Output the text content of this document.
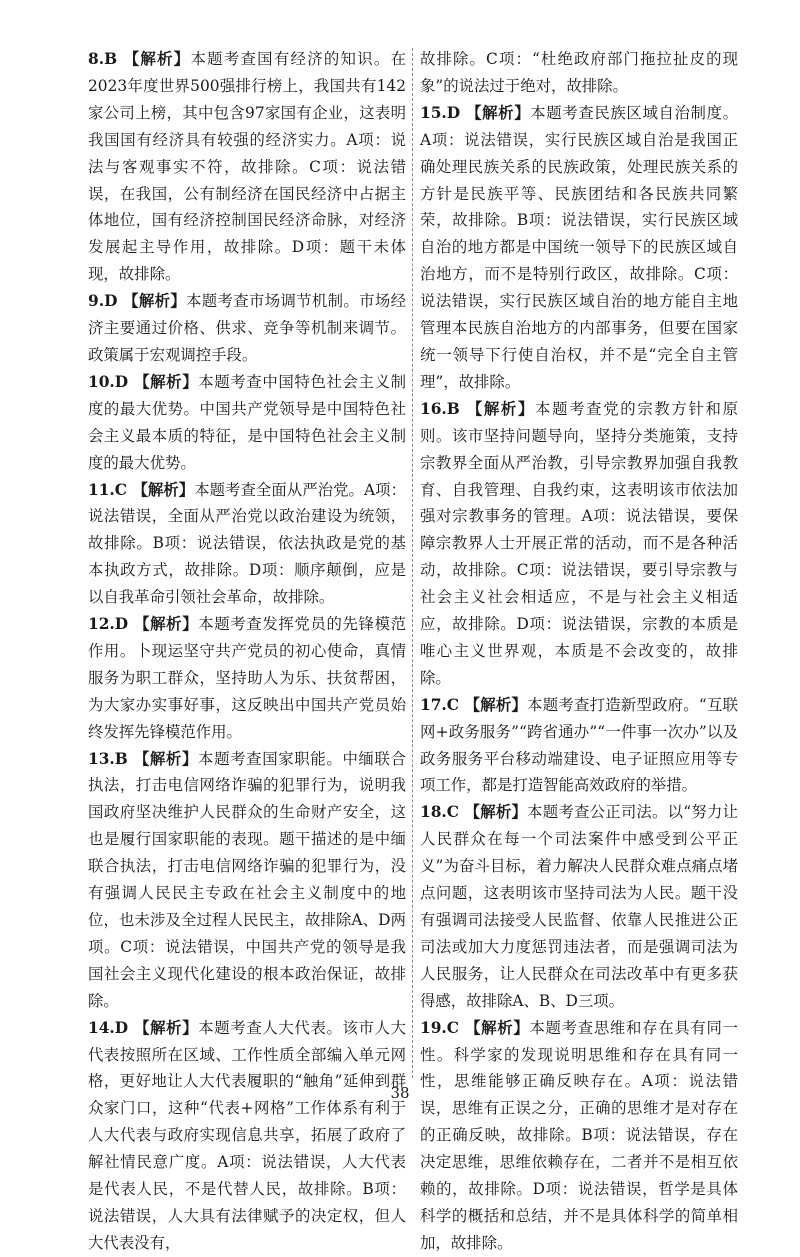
8.B 【解析】本题考查国有经济的知识。在2023年度世界500强排行榜上，我国共有142家公司上榜，其中包含97家国有企业，这表明我国国有经济具有较强的经济实力。A项：说法与客观事实不符，故排除。C项：说法错误，在我国，公有制经济在国民经济中占据主体地位，国有经济控制国民经济命脉，对经济发展起主导作用，故排除。D项：题干未体现，故排除。

9.D 【解析】本题考查市场调节机制。市场经济主要通过价格、供求、竞争等机制来调节。政策属于宏观调控手段。

10.D 【解析】本题考查中国特色社会主义制度的最大优势。中国共产党领导是中国特色社会主义最本质的特征，是中国特色社会主义制度的最大优势。

11.C 【解析】本题考查全面从严治党。A项：说法错误，全面从严治党以政治建设为统领，故排除。B项：说法错误，依法执政是党的基本执政方式，故排除。D项：顺序颠倒，应是以自我革命引领社会革命，故排除。

12.D 【解析】本题考查发挥党员的先锋模范作用。卜现运坚守共产党员的初心使命，真情服务为职工群众，坚持助人为乐、扶贫帮困，为大家办实事好事，这反映出中国共产党员始终发挥先锋模范作用。

13.B 【解析】本题考查国家职能。中缅联合执法，打击电信网络诈骗的犯罪行为，说明我国政府坚决维护人民群众的生命财产安全，这也是履行国家职能的表现。题干描述的是中缅联合执法，打击电信网络诈骗的犯罪行为，没有强调人民民主专政在社会主义制度中的地位，也未涉及全过程人民民主，故排除A、D两项。C项：说法错误，中国共产党的领导是我国社会主义现代化建设的根本政治保证，故排除。

14.D 【解析】本题考查人大代表。该市人大代表按照所在区域、工作性质全部编入单元网格，更好地让人大代表履职的“触角”延伸到群众家门口，这种“代表+网格”工作体系有利于人大代表与政府实现信息共享，拓展了政府了解社情民意广度。A项：说法错误，人大代表是代表人民，不是代替人民，故排除。B项：说法错误，人大具有法律赋予的决定权，但人大代表没有，

故排除。C项：“杜绝政府部门拖拉扯皮的现象”的说法过于绝对，故排除。

15.D 【解析】本题考查民族区域自治制度。A项：说法错误，实行民族区域自治是我国正确处理民族关系的民族政策，处理民族关系的方针是民族平等、民族团结和各民族共同繁荣，故排除。B项：说法错误，实行民族区域自治的地方都是中国统一领导下的民族区域自治地方，而不是特别行政区，故排除。C项：说法错误，实行民族区域自治的地方能自主地管理本民族自治地方的内部事务，但要在国家统一领导下行使自治权，并不是“完全自主管理”，故排除。

16.B 【解析】本题考查党的宗教方针和原则。该市坚持问题导向，坚持分类施策，支持宗教界全面从严治教，引导宗教界加强自我教育、自我管理、自我约束，这表明该市依法加强对宗教事务的管理。A项：说法错误，要保障宗教界人士开展正常的活动，而不是各种活动，故排除。C项：说法错误，要引导宗教与社会主义社会相适应，不是与社会主义相适应，故排除。D项：说法错误，宗教的本质是唯心主义世界观，本质是不会改变的，故排除。

17.C 【解析】本题考查打造新型政府。“互联网+政务服务”“跨省通办”“一件事一次办”以及政务服务平台移动端建设、电子证照应用等专项工作，都是打造智能高效政府的举措。

18.C 【解析】本题考查公正司法。以“努力让人民群众在每一个司法案件中感受到公平正义”为奋斗目标，着力解决人民群众难点痛点堵点问题，这表明该市坚持司法为人民。题干没有强调司法接受人民监督、依靠人民推进公正司法或加大力度惩罚违法者，而是强调司法为人民服务，让人民群众在司法改革中有更多获得感，故排除A、B、D三项。

19.C 【解析】本题考查思维和存在具有同一性。科学家的发现说明思维和存在具有同一性，思维能够正确反映存在。A项：说法错误，思维有正误之分，正确的思维才是对存在的正确反映，故排除。B项：说法错误，存在决定思维，思维依赖存在，二者并不是相互依赖的，故排除。D项：说法错误，哲学是具体科学的概括和总结，并不是具体科学的简单相加，故排除。

38
